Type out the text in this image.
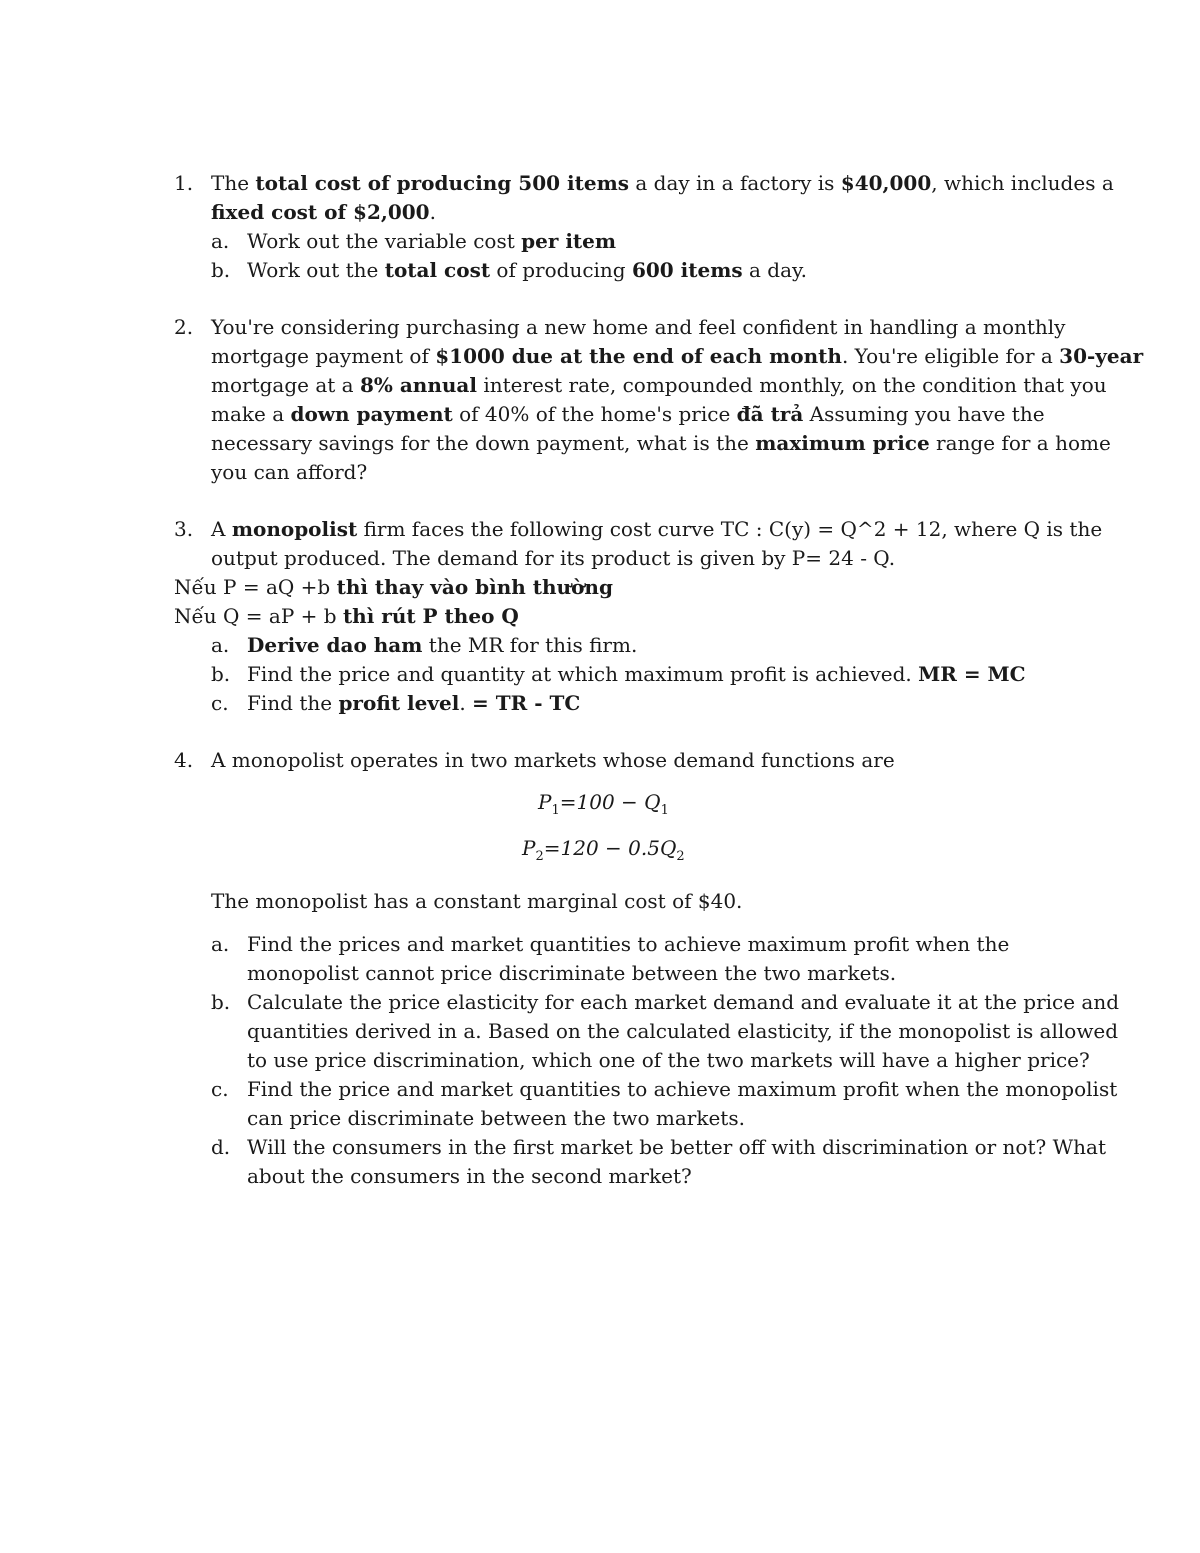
1. The total cost of producing 500 items a day in a factory is $40,000, which includes a
fixed cost of $2,000.
a. Work out the variable cost per item
b. Work out the total cost of producing 600 items a day.
2. You're considering purchasing a new home and feel confident in handling a monthly
mortgage payment of $1000 due at the end of each month. You're eligible for a 30-year
mortgage at a 8% annual interest rate, compounded monthly, on the condition that you
make a down payment of 40% of the home's price đã trả Assuming you have the
necessary savings for the down payment, what is the maximum price range for a home
you can afford?
3. A monopolist firm faces the following cost curve TC : C(y) = Q^2 + 12, where Q is the
output produced. The demand for its product is given by P= 24 - Q.
Nếu P = aQ +b thì thay vào bình thường
Nếu Q = aP + b thì rút P theo Q
a. Derive dao ham the MR for this firm.
b. Find the price and quantity at which maximum profit is achieved. MR = MC
c. Find the profit level. = TR - TC
4. A monopolist operates in two markets whose demand functions are
$P_1=100 - Q_1$
$P_2=120 - 0.5Q_2$
The monopolist has a constant marginal cost of $40.
a. Find the prices and market quantities to achieve maximum profit when the
monopolist cannot price discriminate between the two markets.
b. Calculate the price elasticity for each market demand and evaluate it at the price and
quantities derived in a. Based on the calculated elasticity, if the monopolist is allowed
to use price discrimination, which one of the two markets will have a higher price?
c. Find the price and market quantities to achieve maximum profit when the monopolist
can price discriminate between the two markets.
d. Will the consumers in the first market be better off with discrimination or not? What
about the consumers in the second market?
